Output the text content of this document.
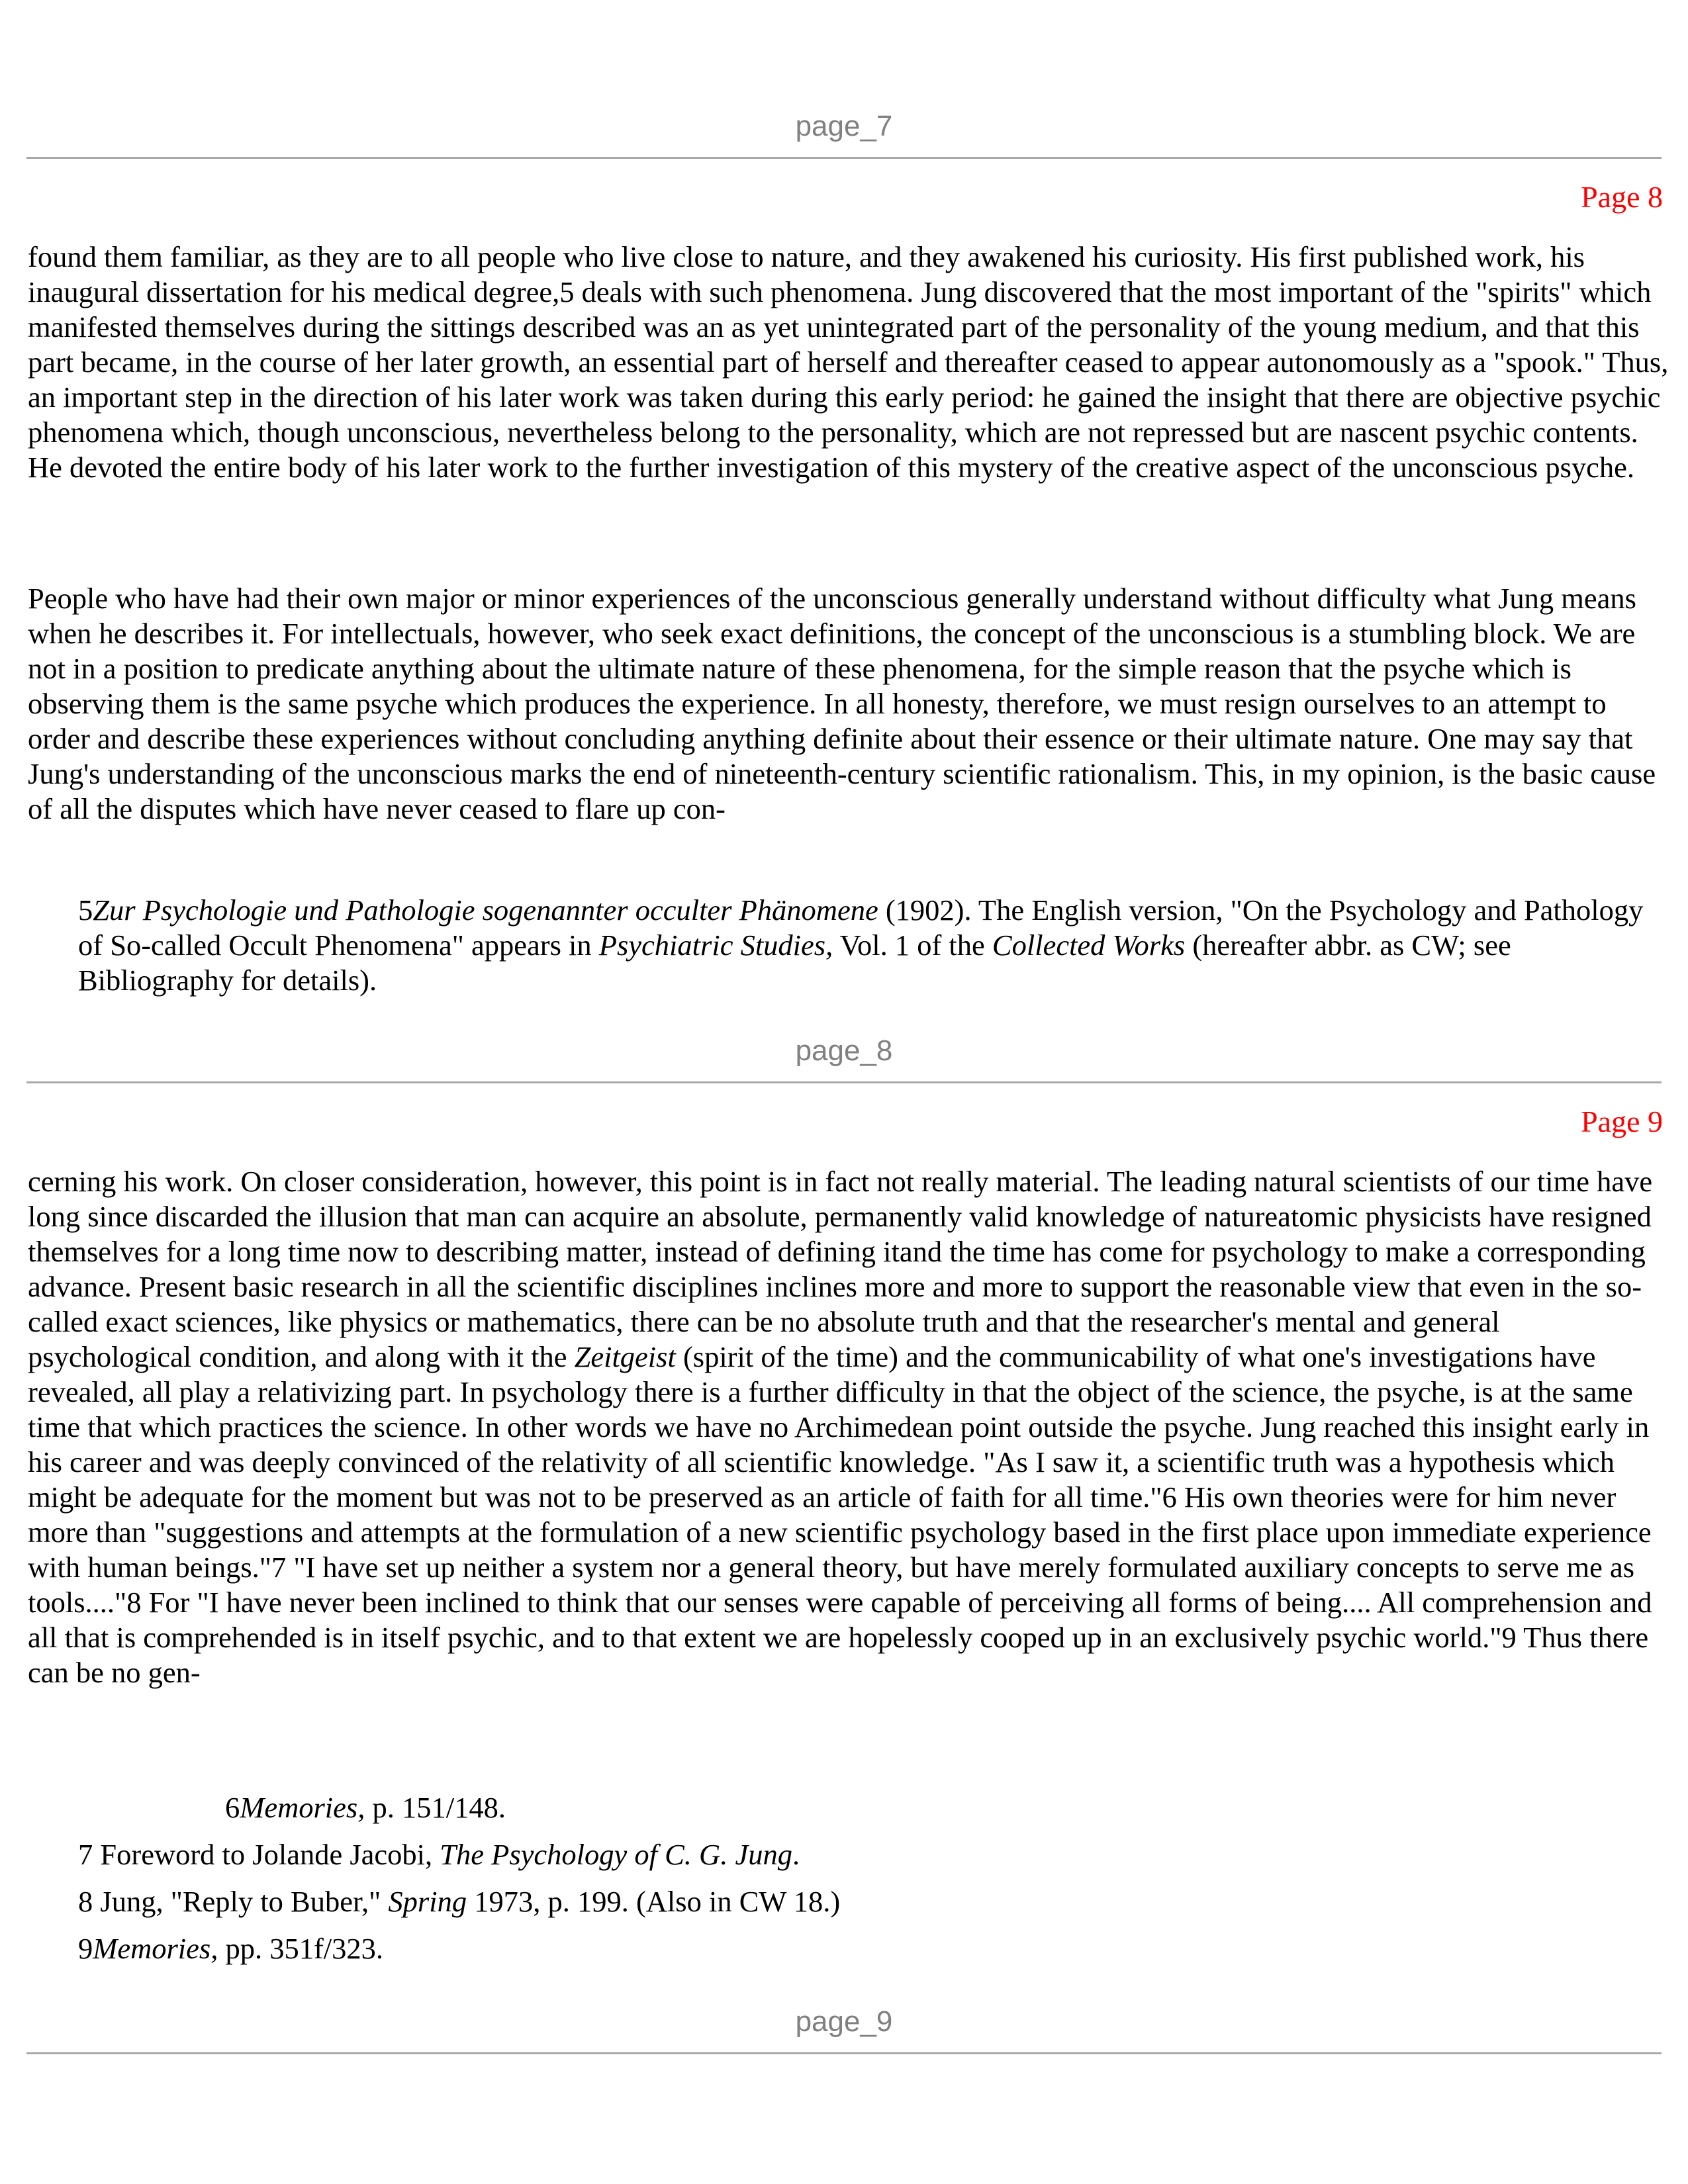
page_7
Page 8

found them familiar, as they are to all people who live close to nature, and they awakened his curiosity. His first published work, his inaugural dissertation for his medical degree,5 deals with such phenomena. Jung discovered that the most important of the "spirits" which manifested themselves during the sittings described was an as yet unintegrated part of the personality of the young medium, and that this part became, in the course of her later growth, an essential part of herself and thereafter ceased to appear autonomously as a "spook." Thus, an important step in the direction of his later work was taken during this early period: he gained the insight that there are objective psychic phenomena which, though unconscious, nevertheless belong to the personality, which are not repressed but are nascent psychic contents. He devoted the entire body of his later work to the further investigation of this mystery of the creative aspect of the unconscious psyche.

People who have had their own major or minor experiences of the unconscious generally understand without difficulty what Jung means when he describes it. For intellectuals, however, who seek exact definitions, the concept of the unconscious is a stumbling block. We are not in a position to predicate anything about the ultimate nature of these phenomena, for the simple reason that the psyche which is observing them is the same psyche which produces the experience. In all honesty, therefore, we must resign ourselves to an attempt to order and describe these experiences without concluding anything definite about their essence or their ultimate nature. One may say that Jung's understanding of the unconscious marks the end of nineteenth-century scientific rationalism. This, in my opinion, is the basic cause of all the disputes which have never ceased to flare up con-

5Zur Psychologie und Pathologie sogenannter occulter Phänomene (1902). The English version, "On the Psychology and Pathology of So-called Occult Phenomena" appears in Psychiatric Studies, Vol. 1 of the Collected Works (hereafter abbr. as CW; see Bibliography for details).

page_8
Page 9

cerning his work. On closer consideration, however, this point is in fact not really material. The leading natural scientists of our time have long since discarded the illusion that man can acquire an absolute, permanently valid knowledge of natureatomic physicists have resigned themselves for a long time now to describing matter, instead of defining itand the time has come for psychology to make a corresponding advance. Present basic research in all the scientific disciplines inclines more and more to support the reasonable view that even in the so-called exact sciences, like physics or mathematics, there can be no absolute truth and that the researcher's mental and general psychological condition, and along with it the Zeitgeist (spirit of the time) and the communicability of what one's investigations have revealed, all play a relativizing part. In psychology there is a further difficulty in that the object of the science, the psyche, is at the same time that which practices the science. In other words we have no Archimedean point outside the psyche. Jung reached this insight early in his career and was deeply convinced of the relativity of all scientific knowledge. "As I saw it, a scientific truth was a hypothesis which might be adequate for the moment but was not to be preserved as an article of faith for all time."6 His own theories were for him never more than "suggestions and attempts at the formulation of a new scientific psychology based in the first place upon immediate experience with human beings."7 "I have set up neither a system nor a general theory, but have merely formulated auxiliary concepts to serve me as tools...."8 For "I have never been inclined to think that our senses were capable of perceiving all forms of being.... All comprehension and all that is comprehended is in itself psychic, and to that extent we are hopelessly cooped up in an exclusively psychic world."9 Thus there can be no gen-

6Memories, p. 151/148.

7 Foreword to Jolande Jacobi, The Psychology of C. G. Jung.

8 Jung, "Reply to Buber," Spring 1973, p. 199. (Also in CW 18.)

9Memories, pp. 351f/323.

page_9
